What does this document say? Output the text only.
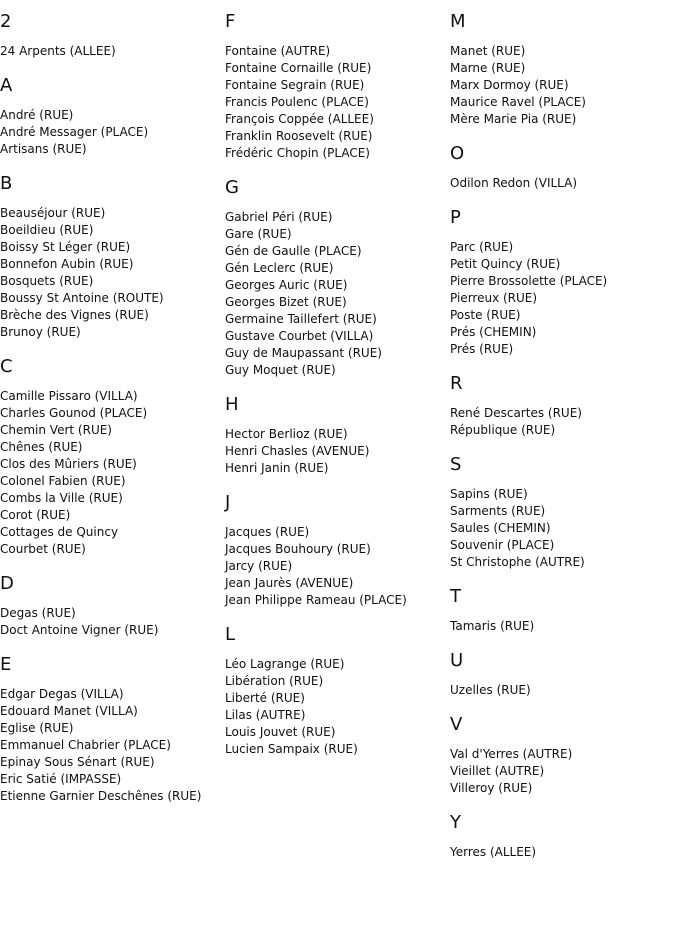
2
24 Arpents (ALLEE)
A
André (RUE)
André Messager (PLACE)
Artisans (RUE)
B
Beauséjour (RUE)
Boeildieu (RUE)
Boissy St Léger (RUE)
Bonnefon Aubin (RUE)
Bosquets (RUE)
Boussy St Antoine (ROUTE)
Brèche des Vignes (RUE)
Brunoy (RUE)
C
Camille Pissaro (VILLA)
Charles Gounod (PLACE)
Chemin Vert (RUE)
Chênes (RUE)
Clos des Mûriers (RUE)
Colonel Fabien (RUE)
Combs la Ville (RUE)
Corot (RUE)
Cottages de Quincy
Courbet (RUE)
D
Degas (RUE)
Doct Antoine Vigner (RUE)
E
Edgar Degas (VILLA)
Edouard Manet (VILLA)
Eglise (RUE)
Emmanuel Chabrier (PLACE)
Epinay Sous Sénart (RUE)
Eric Satié (IMPASSE)
Etienne Garnier Deschênes (RUE)
F
Fontaine (AUTRE)
Fontaine Cornaille (RUE)
Fontaine Segrain (RUE)
Francis Poulenc (PLACE)
François Coppée (ALLEE)
Franklin Roosevelt (RUE)
Frédéric Chopin (PLACE)
G
Gabriel Péri (RUE)
Gare (RUE)
Gén de Gaulle (PLACE)
Gén Leclerc (RUE)
Georges Auric (RUE)
Georges Bizet (RUE)
Germaine Taillefert (RUE)
Gustave Courbet (VILLA)
Guy de Maupassant (RUE)
Guy Moquet (RUE)
H
Hector Berlioz (RUE)
Henri Chasles (AVENUE)
Henri Janin (RUE)
J
Jacques (RUE)
Jacques Bouhoury (RUE)
Jarcy (RUE)
Jean Jaurès (AVENUE)
Jean Philippe Rameau (PLACE)
L
Léo Lagrange (RUE)
Libération (RUE)
Liberté (RUE)
Lilas (AUTRE)
Louis Jouvet (RUE)
Lucien Sampaix (RUE)
M
Manet (RUE)
Marne (RUE)
Marx Dormoy (RUE)
Maurice Ravel (PLACE)
Mère Marie Pia (RUE)
O
Odilon Redon (VILLA)
P
Parc (RUE)
Petit Quincy (RUE)
Pierre Brossolette (PLACE)
Pierreux (RUE)
Poste (RUE)
Prés (CHEMIN)
Prés (RUE)
R
René Descartes (RUE)
République (RUE)
S
Sapins (RUE)
Sarments (RUE)
Saules (CHEMIN)
Souvenir (PLACE)
St Christophe (AUTRE)
T
Tamaris (RUE)
U
Uzelles (RUE)
V
Val d'Yerres (AUTRE)
Vieillet (AUTRE)
Villeroy (RUE)
Y
Yerres (ALLEE)
